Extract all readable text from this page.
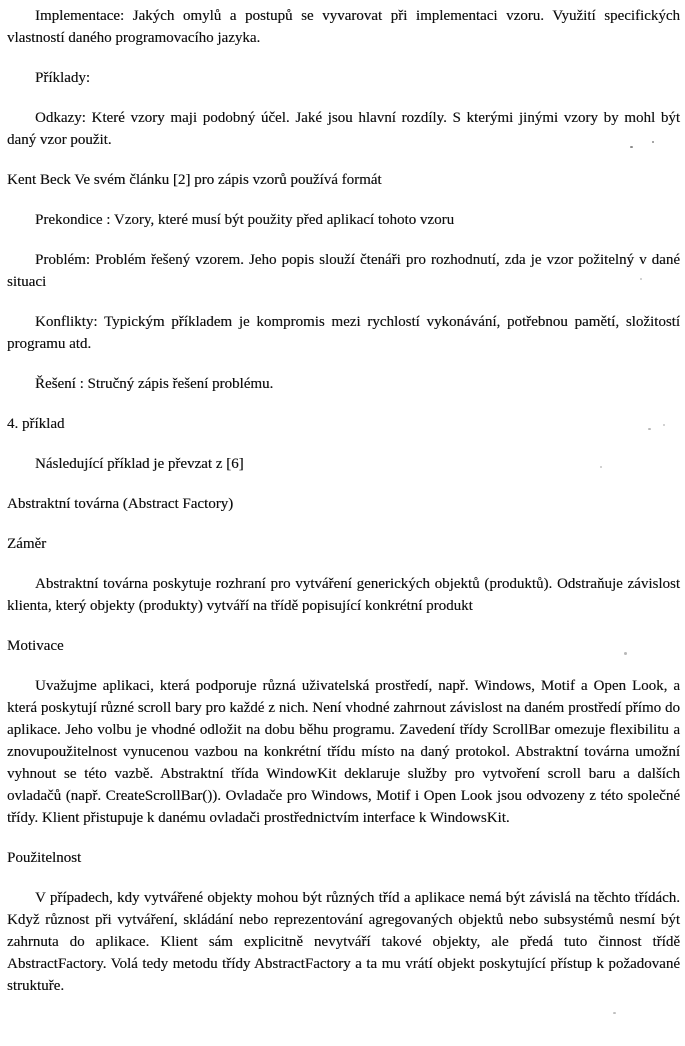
Implementace: Jakých omylů a postupů se vyvarovat při implementaci vzoru. Využití specifických vlastností daného programovacího jazyka.

Příklady:

Odkazy: Které vzory maji podobný účel. Jaké jsou hlavní rozdíly. S kterými jinými vzory by mohl být daný vzor použit.

Kent Beck Ve svém článku [2] pro zápis vzorů používá formát

Prekondice : Vzory, které musí být použity před aplikací tohoto vzoru

Problém: Problém řešený vzorem. Jeho popis slouží čtenáři pro rozhodnutí, zda je vzor požitelný v dané situaci

Konflikty: Typickým příkladem je kompromis mezi rychlostí vykonávání, potřebnou pamětí, složitostí programu atd.

Řešení : Stručný zápis řešení problému.

4. příklad

Následující příklad je převzat z [6]

Abstraktní továrna (Abstract Factory)

Záměr

Abstraktní továrna poskytuje rozhraní pro vytváření generických objektů (produktů). Odstraňuje závislost klienta, který objekty (produkty) vytváří na třídě popisující konkrétní produkt

Motivace

Uvažujme aplikaci, která podporuje různá uživatelská prostředí, např. Windows, Motif a Open Look, a která poskytují různé scroll bary pro každé z nich. Není vhodné zahrnout závislost na daném prostředí přímo do aplikace. Jeho volbu je vhodné odložit na dobu běhu programu. Zavedení třídy ScrollBar omezuje flexibilitu a znovupoužitelnost vynucenou vazbou na konkrétní třídu místo na daný protokol. Abstraktní továrna umožní vyhnout se této vazbě. Abstraktní třída WindowKit deklaruje služby pro vytvoření scroll baru a dalších ovladačů (např. CreateScrollBar()). Ovladače pro Windows, Motif i Open Look jsou odvozeny z této společné třídy. Klient přistupuje k danému ovladači prostřednictvím interface k WindowsKit.

Použitelnost

V případech, kdy vytvářené objekty mohou být různých tříd a aplikace nemá být závislá na těchto třídách. Když různost při vytváření, skládání nebo reprezentování agregovaných objektů nebo subsystémů nesmí být zahrnuta do aplikace. Klient sám explicitně nevytváří takové objekty, ale předá tuto činnost třídě AbstractFactory. Volá tedy metodu třídy AbstractFactory a ta mu vrátí objekt poskytující přístup k požadované struktuře.
